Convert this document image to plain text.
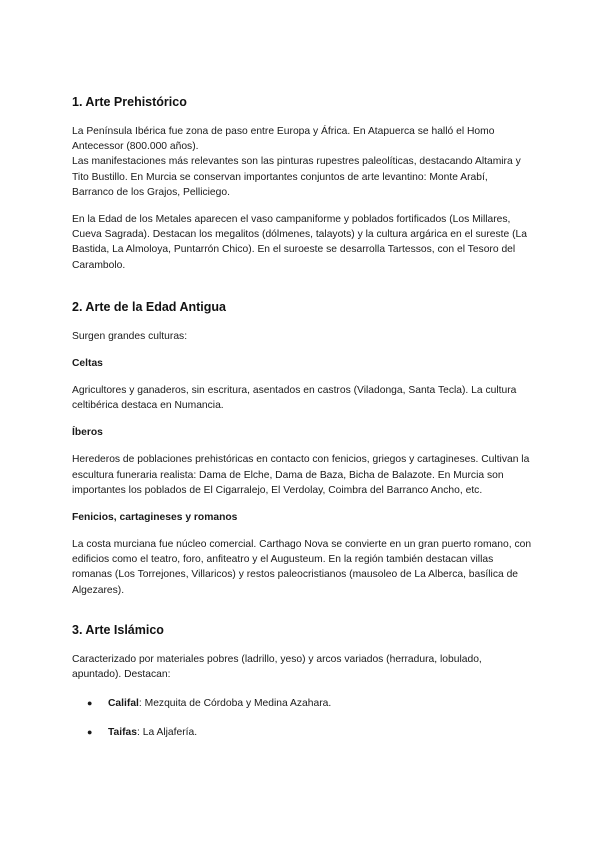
1. Arte Prehistórico

La Península Ibérica fue zona de paso entre Europa y África. En Atapuerca se halló el Homo Antecessor (800.000 años).

Las manifestaciones más relevantes son las pinturas rupestres paleolíticas, destacando Altamira y Tito Bustillo. En Murcia se conservan importantes conjuntos de arte levantino: Monte Arabí, Barranco de los Grajos, Pelliciego.

En la Edad de los Metales aparecen el vaso campaniforme y poblados fortificados (Los Millares, Cueva Sagrada). Destacan los megalitos (dólmenes, talayots) y la cultura argárica en el sureste (La Bastida, La Almoloya, Puntarrón Chico). En el suroeste se desarrolla Tartessos, con el Tesoro del Carambolo.

2. Arte de la Edad Antigua

Surgen grandes culturas:

Celtas

Agricultores y ganaderos, sin escritura, asentados en castros (Viladonga, Santa Tecla). La cultura celtibérica destaca en Numancia.

Íberos

Herederos de poblaciones prehistóricas en contacto con fenicios, griegos y cartagineses. Cultivan la escultura funeraria realista: Dama de Elche, Dama de Baza, Bicha de Balazote. En Murcia son importantes los poblados de El Cigarralejo, El Verdolay, Coimbra del Barranco Ancho, etc.

Fenicios, cartagineses y romanos

La costa murciana fue núcleo comercial. Carthago Nova se convierte en un gran puerto romano, con edificios como el teatro, foro, anfiteatro y el Augusteum. En la región también destacan villas romanas (Los Torrejones, Villaricos) y restos paleocristianos (mausoleo de La Alberca, basílica de Algezares).

3. Arte Islámico

Caracterizado por materiales pobres (ladrillo, yeso) y arcos variados (herradura, lobulado, apuntado). Destacan:

● Califal: Mezquita de Córdoba y Medina Azahara.
● Taifas: La Aljafería.
